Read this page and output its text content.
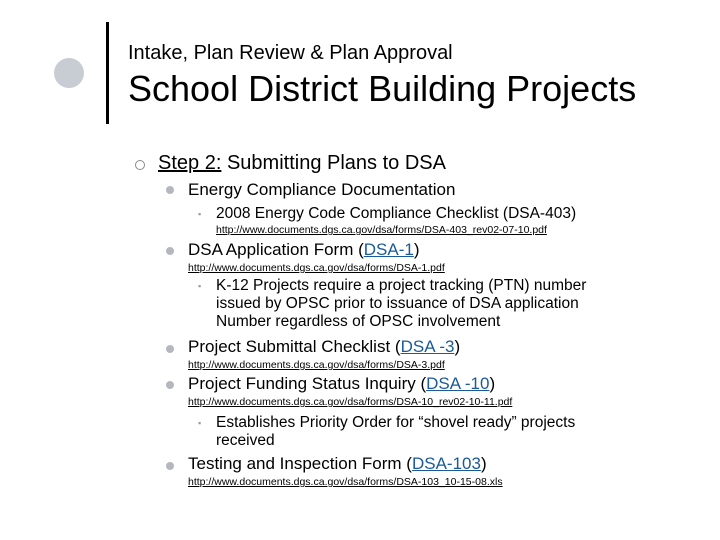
Intake, Plan Review & Plan Approval
School District Building Projects
Step 2: Submitting Plans to DSA
Energy Compliance Documentation
▪ 2008 Energy Code Compliance Checklist (DSA-403)
http://www.documents.dgs.ca.gov/dsa/forms/DSA-403_rev02-07-10.pdf
DSA Application Form (DSA-1)
http://www.documents.dgs.ca.gov/dsa/forms/DSA-1.pdf
▪ K-12 Projects require a project tracking (PTN) number
issued by OPSC prior to issuance of DSA application
Number regardless of OPSC involvement
Project Submittal Checklist (DSA -3)
http://www.documents.dgs.ca.gov/dsa/forms/DSA-3.pdf
Project Funding Status Inquiry (DSA -10)
http://www.documents.dgs.ca.gov/dsa/forms/DSA-10_rev02-10-11.pdf
▪ Establishes Priority Order for “shovel ready” projects
received
Testing and Inspection Form (DSA-103)
http://www.documents.dgs.ca.gov/dsa/forms/DSA-103_10-15-08.xls
